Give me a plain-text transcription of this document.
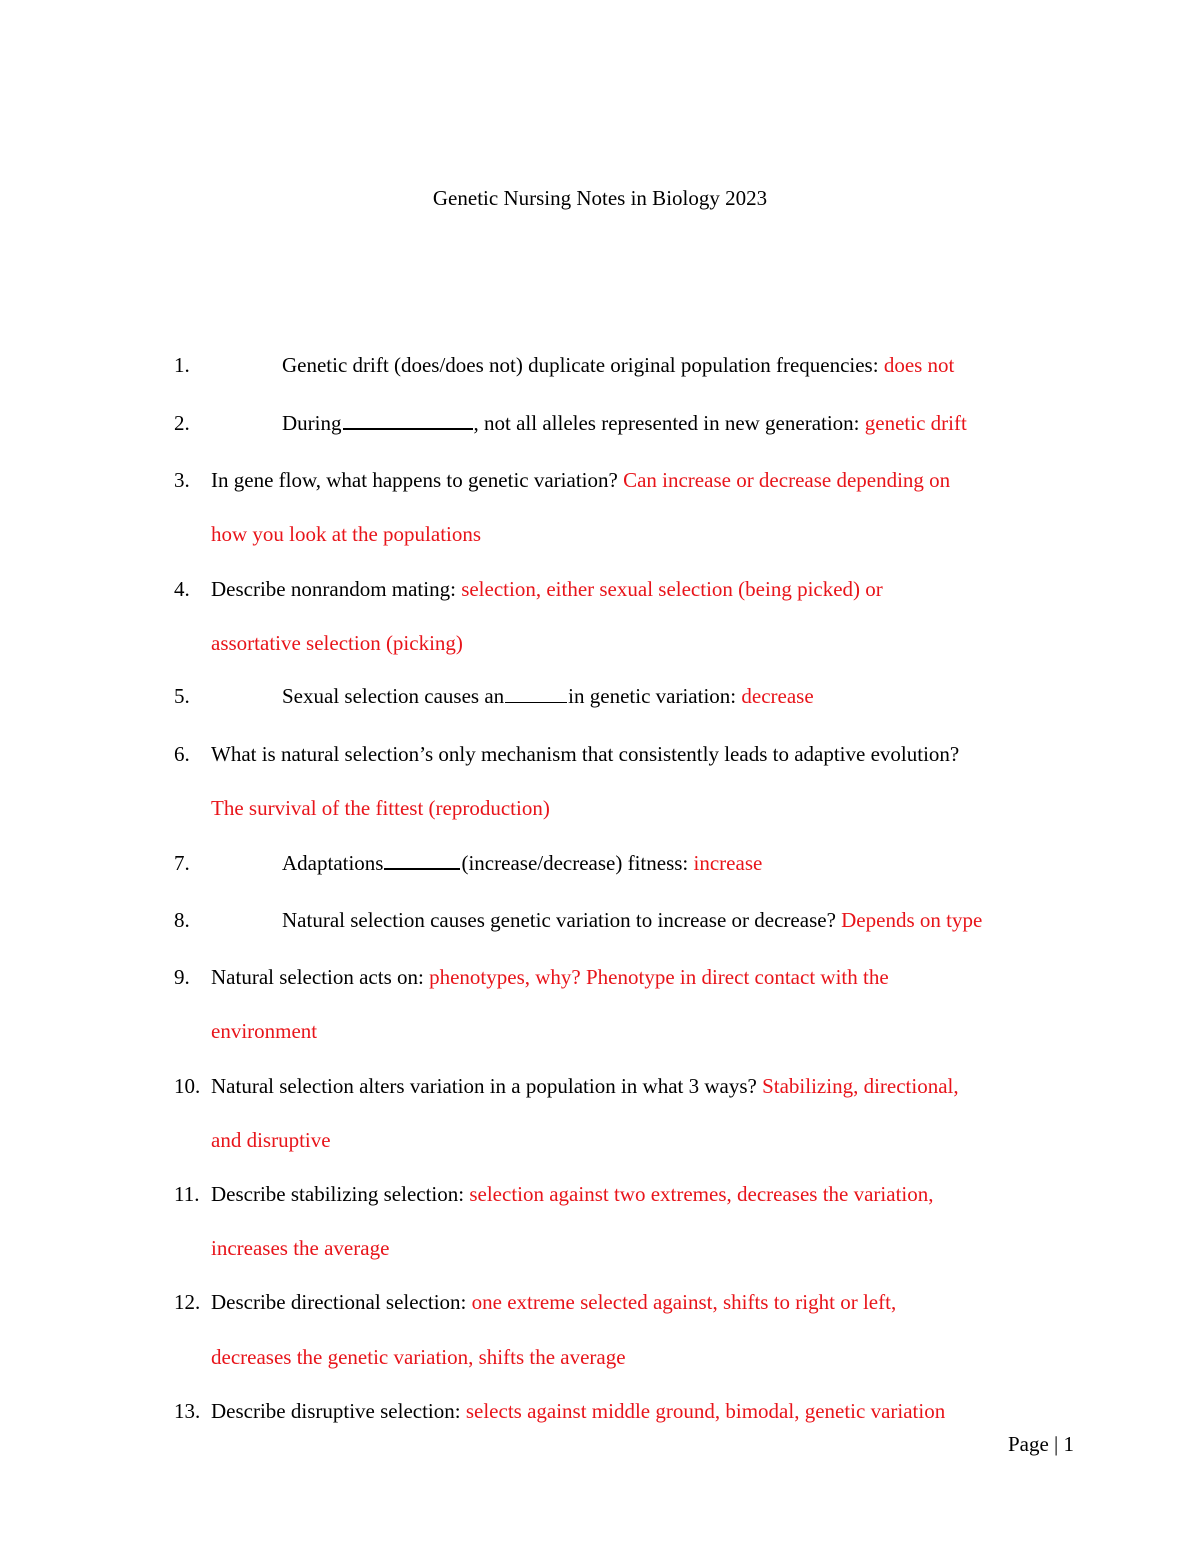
Genetic Nursing Notes in Biology 2023
1.	Genetic drift (does/does not) duplicate original population frequencies: does not
2.	During	, not all alleles represented in new generation: genetic drift
3.	In gene flow, what happens to genetic variation? Can increase or decrease depending on
how you look at the populations
4.	Describe nonrandom mating: selection, either sexual selection (being picked) or
assortative selection (picking)
5.	Sexual selection causes an	in genetic variation: decrease
6.	What is natural selection’s only mechanism that consistently leads to adaptive evolution?
The survival of the fittest (reproduction)
7.	Adaptations	(increase/decrease) fitness: increase
8.	Natural selection causes genetic variation to increase or decrease? Depends on type
9.	Natural selection acts on: phenotypes, why? Phenotype in direct contact with the
environment
10. Natural selection alters variation in a population in what 3 ways? Stabilizing, directional,
and disruptive
11. Describe stabilizing selection: selection against two extremes, decreases the variation,
increases the average
12. Describe directional selection: one extreme selected against, shifts to right or left,
decreases the genetic variation, shifts the average
13. Describe disruptive selection: selects against middle ground, bimodal, genetic variation
Page | 1
